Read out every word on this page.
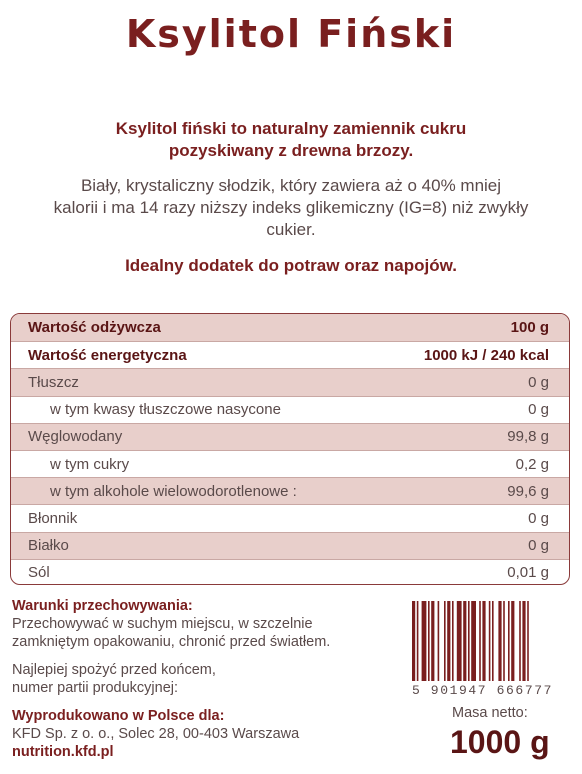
Ksylitol Fiński
Ksylitol fiński to naturalny zamiennik cukru
pozyskiwany z drewna brzozy.
Biały, krystaliczny słodzik, który zawiera aż o 40% mniej
kalorii i ma 14 razy niższy indeks glikemiczny (IG=8) niż zwykły
cukier.
Idealny dodatek do potraw oraz napojów.
Wartość odżywcza	100 g
Wartość energetyczna	1000 kJ / 240 kcal
Tłuszcz	0 g
w tym kwasy tłuszczowe nasycone	0 g
Węglowodany	99,8 g
w tym cukry	0,2 g
w tym alkohole wielowodorotlenowe :	99,6 g
Błonnik	0 g
Białko	0 g
Sól	0,01 g

Warunki przechowywania:
Przechowywać w suchym miejscu, w szczelnie
zamkniętym opakowaniu, chronić przed światłem.

Najlepiej spożyć przed końcem,
numer partii produkcyjnej:

Wyprodukowano w Polsce dla:
KFD Sp. z o. o., Solec 28, 00-403 Warszawa
nutrition.kfd.pl

5 901947 666777
Masa netto:
1000 g
